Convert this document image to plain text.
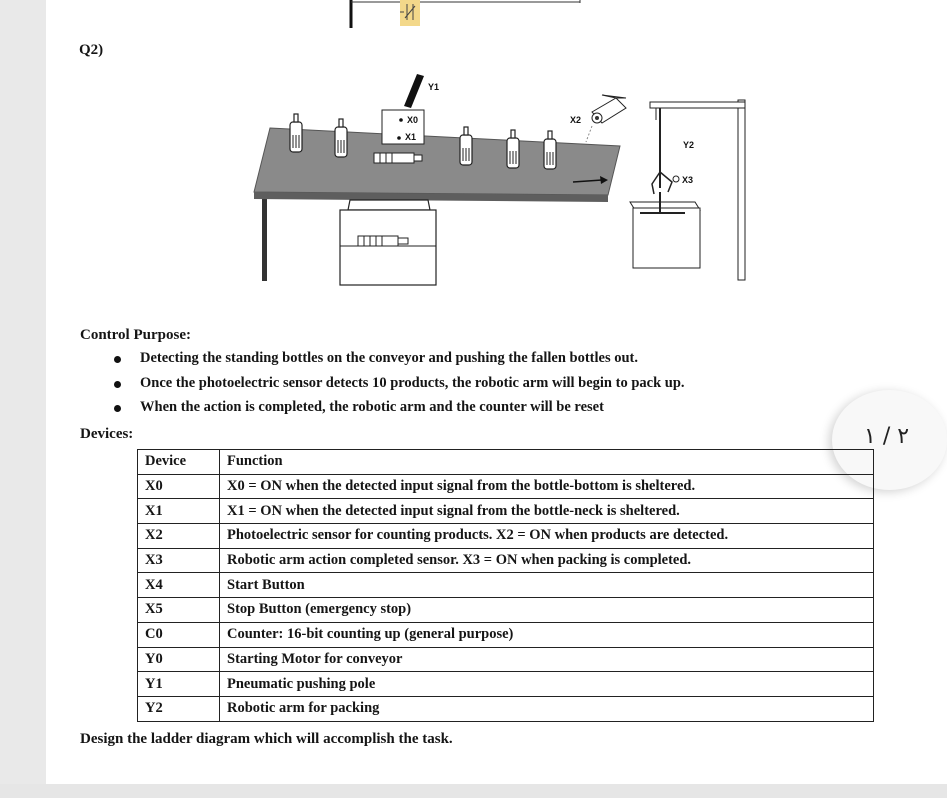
Q2)
X0
X1
Y1
X2
Y2
X3
Control Purpose:
Detecting the standing bottles on the conveyor and pushing the fallen bottles out.
Once the photoelectric sensor detects 10 products, the robotic arm will begin to pack up.
When the action is completed, the robotic arm and the counter will be reset
Devices:	٢ / ١
Device	Function
X0	X0 = ON when the detected input signal from the bottle-bottom is sheltered.
X1	X1 = ON when the detected input signal from the bottle-neck is sheltered.
X2	Photoelectric sensor for counting products. X2 = ON when products are detected.
X3	Robotic arm action completed sensor. X3 = ON when packing is completed.
X4	Start Button
X5	Stop Button (emergency stop)
C0	Counter: 16-bit counting up (general purpose)
Y0	Starting Motor for conveyor
Y1	Pneumatic pushing pole
Y2	Robotic arm for packing
Design the ladder diagram which will accomplish the task.
